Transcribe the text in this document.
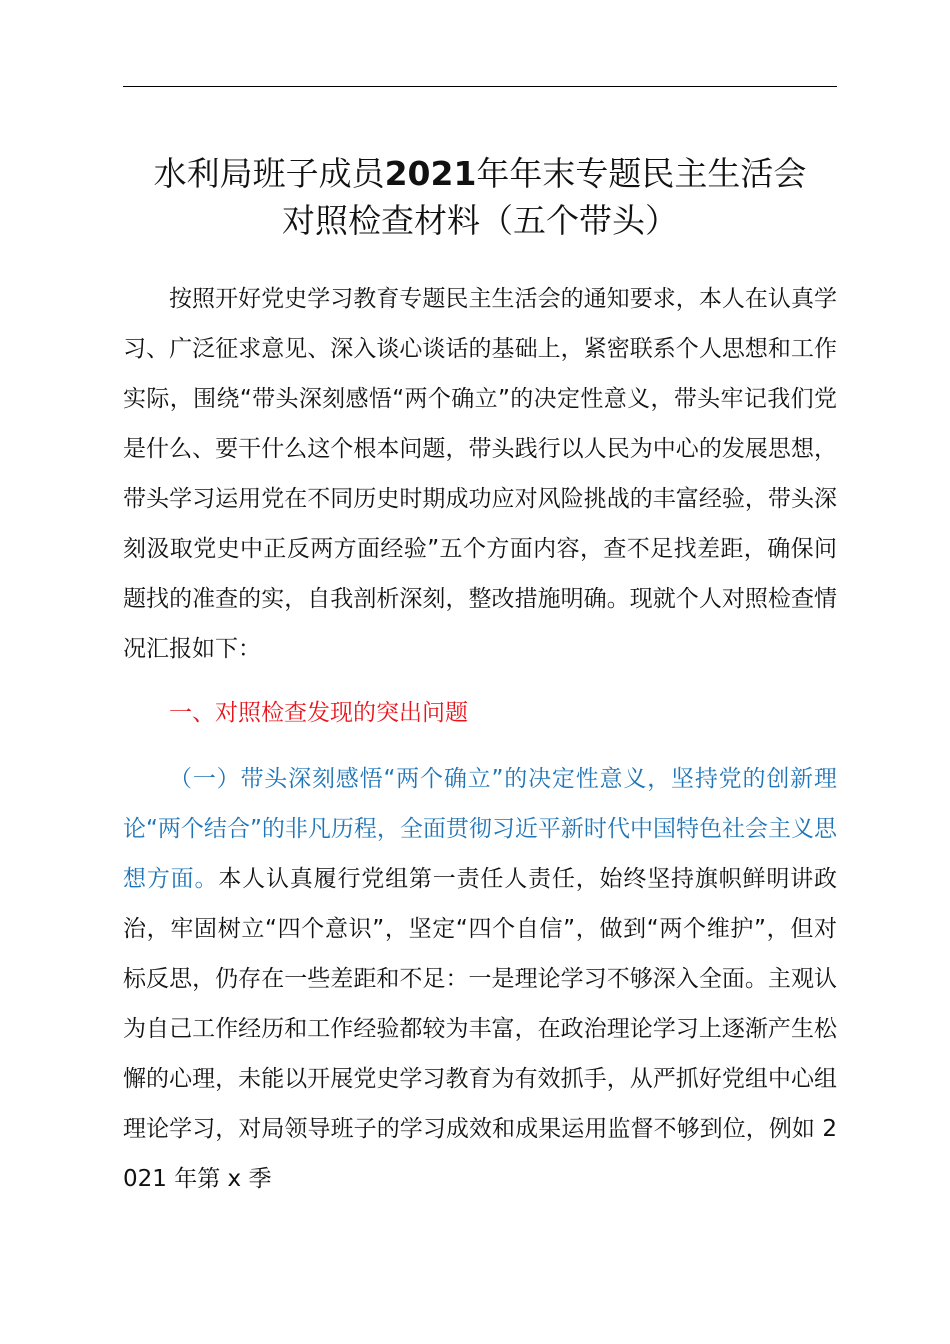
水利局班子成员2021年年末专题民主生活会
对照检查材料（五个带头）
按照开好党史学习教育专题民主生活会的通知要求，本人在认真学习、广泛征求意见、深入谈心谈话的基础上，紧密联系个人思想和工作实际，围绕“带头深刻感悟“两个确立”的决定性意义，带头牢记我们党是什么、要干什么这个根本问题，带头践行以人民为中心的发展思想，带头学习运用党在不同历史时期成功应对风险挑战的丰富经验，带头深刻汲取党史中正反两方面经验”五个方面内容，查不足找差距，确保问题找的准查的实，自我剖析深刻，整改措施明确。现就个人对照检查情况汇报如下：
一、对照检查发现的突出问题
（一）带头深刻感悟“两个确立”的决定性意义，坚持党的创新理论“两个结合”的非凡历程，全面贯彻习近平新时代中国特色社会主义思想方面。本人认真履行党组第一责任人责任，始终坚持旗帜鲜明讲政治，牢固树立“四个意识”，坚定“四个自信”，做到“两个维护”，但对标反思，仍存在一些差距和不足：一是理论学习不够深入全面。主观认为自己工作经历和工作经验都较为丰富，在政治理论学习上逐渐产生松懈的心理，未能以开展党史学习教育为有效抓手，从严抓好党组中心组理论学习，对局领导班子的学习成效和成果运用监督不够到位，例如 2021 年第 x 季
